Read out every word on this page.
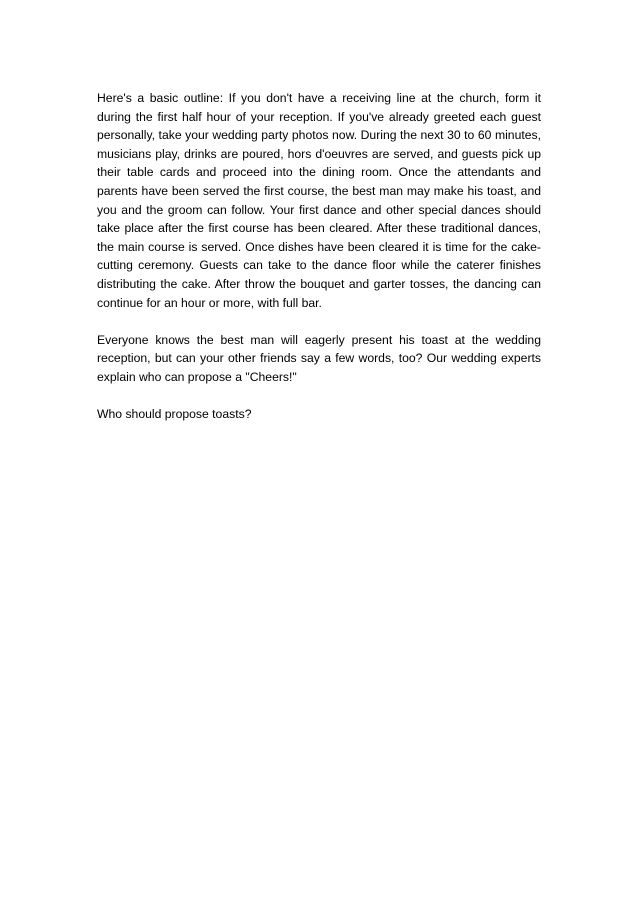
Here's a basic outline: If you don't have a receiving line at the church, form it during the first half hour of your reception. If you've already greeted each guest personally, take your wedding party photos now. During the next 30 to 60 minutes, musicians play, drinks are poured, hors d'oeuvres are served, and guests pick up their table cards and proceed into the dining room. Once the attendants and parents have been served the first course, the best man may make his toast, and you and the groom can follow. Your first dance and other special dances should take place after the first course has been cleared. After these traditional dances, the main course is served. Once dishes have been cleared it is time for the cake-cutting ceremony. Guests can take to the dance floor while the caterer finishes distributing the cake. After throw the bouquet and garter tosses, the dancing can continue for an hour or more, with full bar.

Everyone knows the best man will eagerly present his toast at the wedding reception, but can your other friends say a few words, too? Our wedding experts explain who can propose a "Cheers!"

Who should propose toasts?
